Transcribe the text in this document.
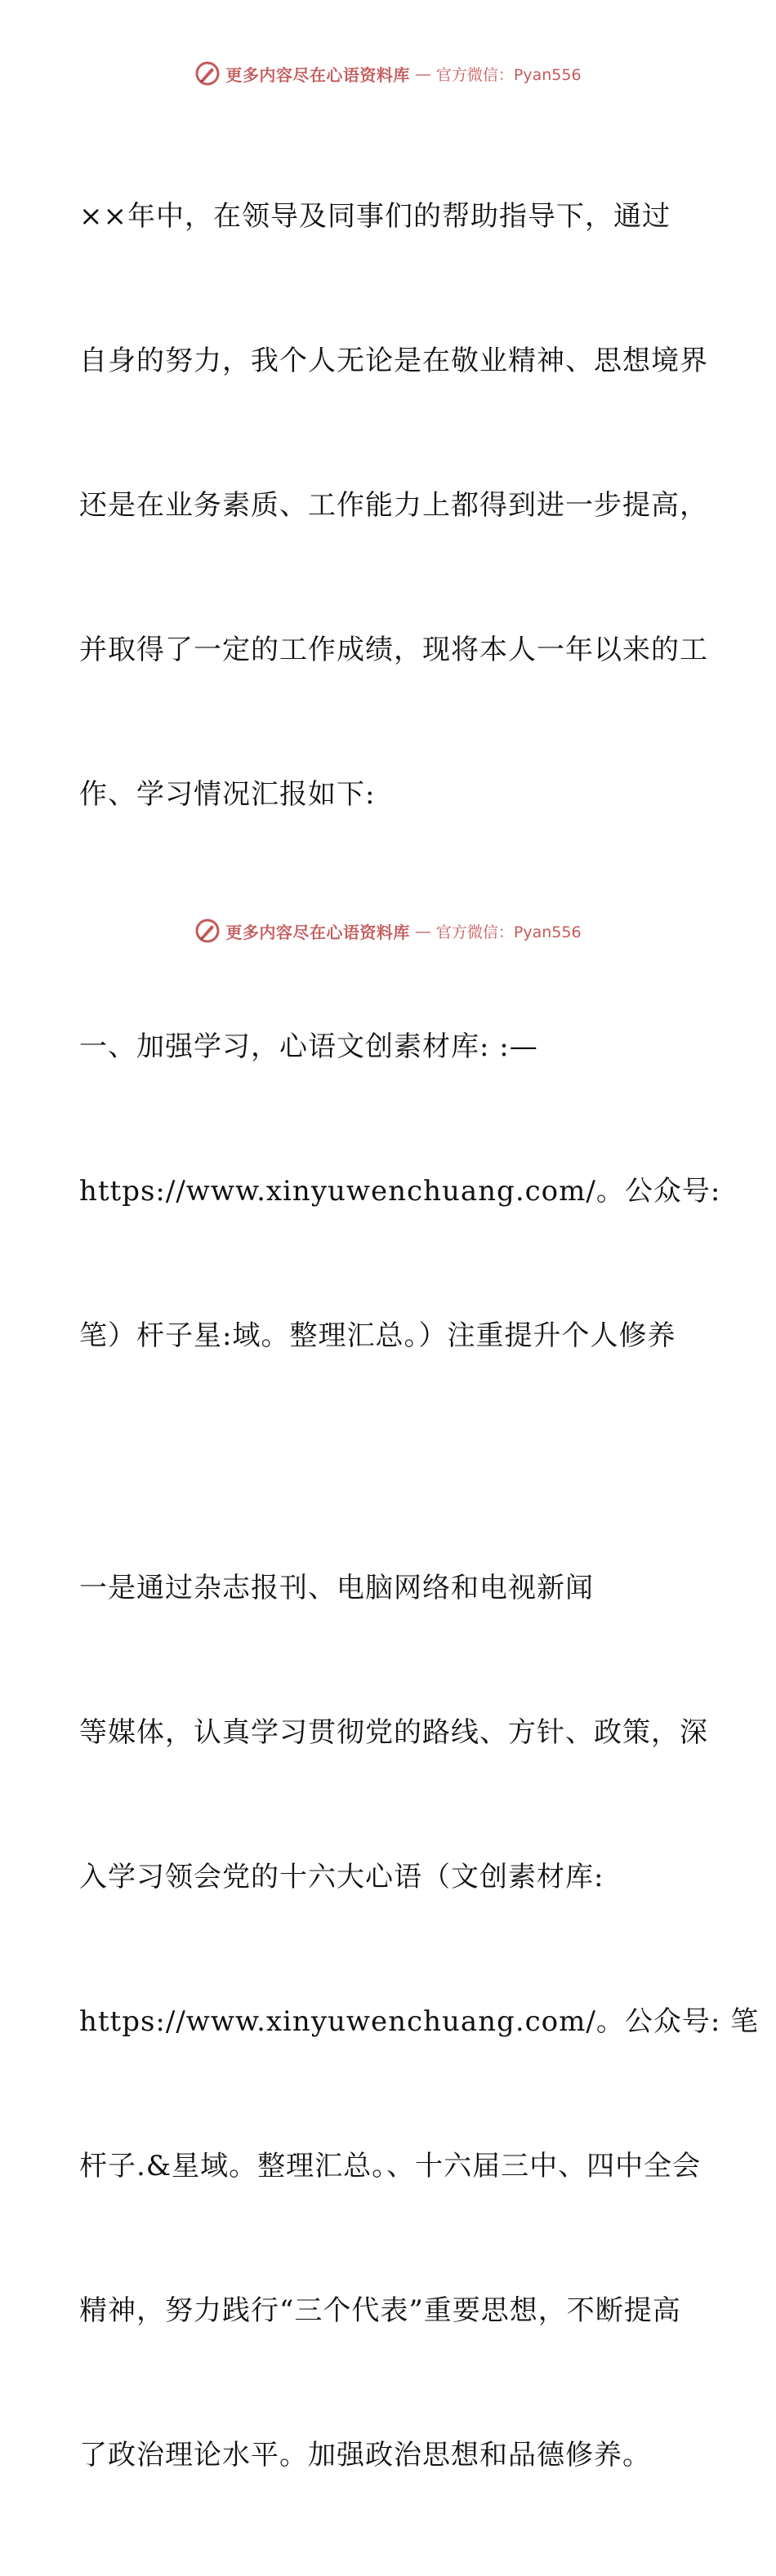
更多内容尽在心语资料库 — 官方微信：Pyan556

××年中，在领导及同事们的帮助指导下，通过

自身的努力，我个人无论是在敬业精神、思想境界

还是在业务素质、工作能力上都得到进一步提高，

并取得了一定的工作成绩，现将本人一年以来的工

作、学习情况汇报如下:

一、加强学习，心语文创素材库: :—

https://www.xinyuwenchuang.com/。公众号:

笔）杆子星:域。整理汇总。）注重提升个人修养

一是通过杂志报刊、电脑网络和电视新闻

等媒体，认真学习贯彻党的路线、方针、政策，深

入学习领会党的十六大心语（文创素材库:

https://www.xinyuwenchuang.com/。公众号: 笔

杆子.&星域。整理汇总。、十六届三中、四中全会

精神，努力践行“三个代表”重要思想，不断提高

了政治理论水平。加强政治思想和品德修养。

更多内容尽在心语资料库 — 官方微信：Pyan556
